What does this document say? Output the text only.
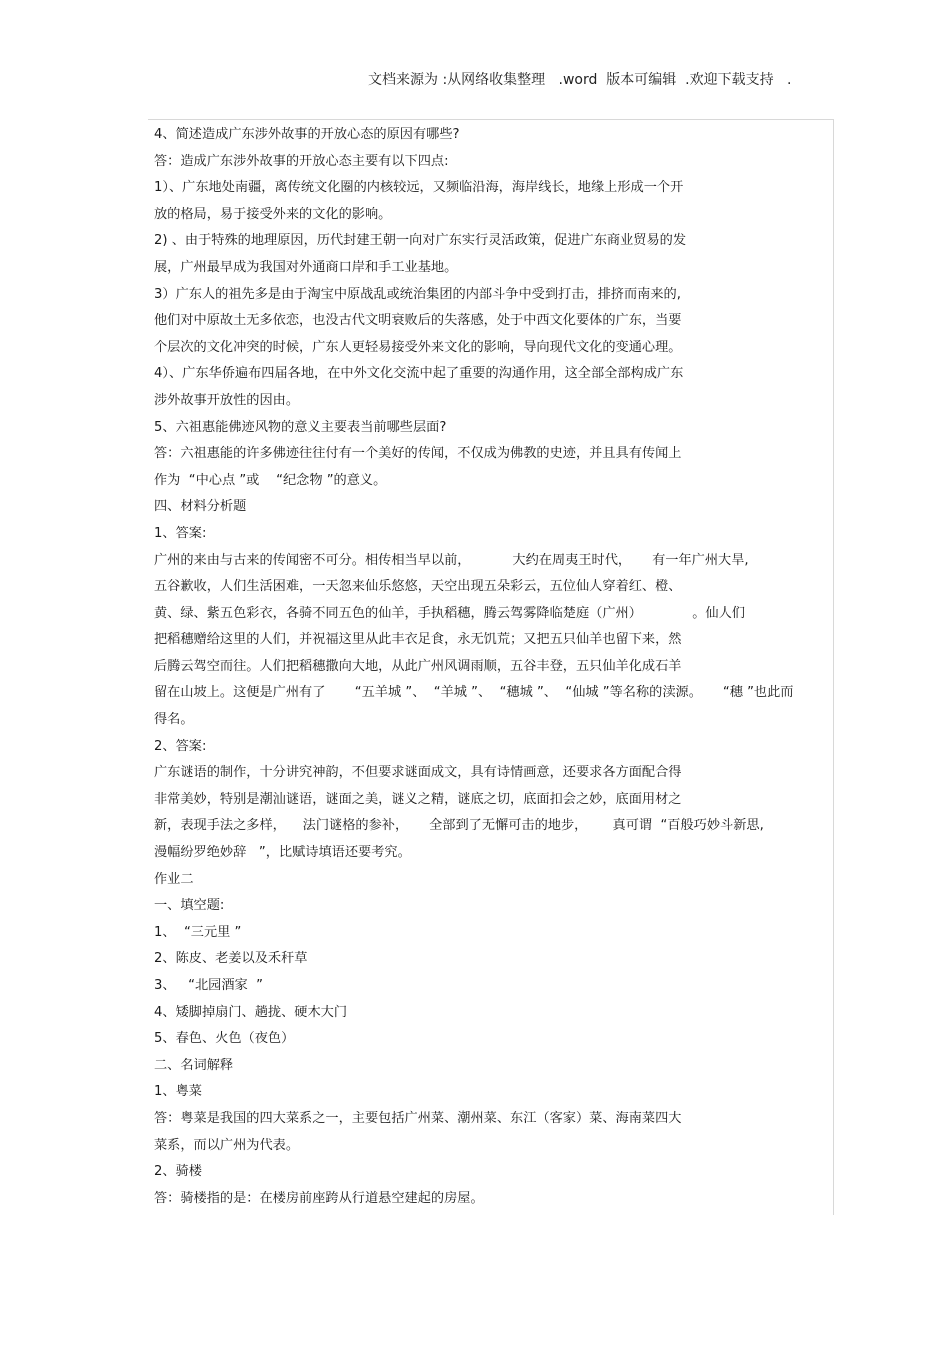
文档来源为 :从网络收集整理   .word  版本可编辑  .欢迎下载支持   .
4、简述造成广东涉外故事的开放心态的原因有哪些?
答：造成广东涉外故事的开放心态主要有以下四点:
1）、广东地处南疆，离传统文化圈的内核较远，又频临沿海，海岸线长，地缘上形成一个开
放的格局，易于接受外来的文化的影响。
2) 、由于特殊的地理原因，历代封建王朝一向对广东实行灵活政策，促进广东商业贸易的发
展，广州最早成为我国对外通商口岸和手工业基地。
3）广东人的祖先多是由于淘宝中原战乱或统治集团的内部斗争中受到打击，排挤而南来的,
他们对中原故土无多依恋，也没古代文明衰败后的失落感，处于中西文化要体的广东，当要
个层次的文化冲突的时候，广东人更轻易接受外来文化的影响，导向现代文化的变通心理。
4）、广东华侨遍布四届各地，在中外文化交流中起了重要的沟通作用，这全部全部构成广东
涉外故事开放性的因由。
5、六祖惠能佛迹风物的意义主要表当前哪些层面?
答：六祖惠能的许多佛迹往往付有一个美好的传闻，不仅成为佛教的史迹，并且具有传闻上
作为  “中心点 ”或    “纪念物 ”的意义。
四、材料分析题
1、答案:
广州的来由与古来的传闻密不可分。相传相当早以前，          大约在周夷王时代，     有一年广州大旱,
五谷歉收，人们生活困难，一天忽来仙乐悠悠，天空出现五朵彩云，五位仙人穿着红、橙、
黄、绿、紫五色彩衣，各骑不同五色的仙羊，手执稻穗，腾云驾雾降临楚庭（广州）            。仙人们
把稻穗赠给这里的人们，并祝福这里从此丰衣足食，永无饥荒；又把五只仙羊也留下来，然
后腾云驾空而往。人们把稻穗撒向大地，从此广州风调雨顺，五谷丰登，五只仙羊化成石羊
留在山坡上。这便是广州有了       “五羊城 ”、  “羊城 ”、  “穗城 ”、  “仙城 ”等名称的渎源。     “穗 ”也此而
得名。
2、答案:
广东谜语的制作，十分讲究神韵，不但要求谜面成文，具有诗情画意，还要求各方面配合得
非常美妙，特别是潮汕谜语，谜面之美，谜义之精，谜底之切，底面扣会之妙，底面用材之
新，表现手法之多样，    法门谜格的参补，     全部到了无懈可击的地步，      真可谓  “百般巧妙斗新思,
漫幅纷罗绝妙辞   ”，比赋诗填语还要考究。
作业二
一、填空题:
1、  “三元里 ”
2、陈皮、老姜以及禾秆草
3、   “北园酒家  ”
4、矮脚掉扇门、趟拢、硬木大门
5、春色、火色（夜色）
二、名词解释
1、粤菜
答：粤菜是我国的四大菜系之一，主要包括广州菜、潮州菜、东江（客家）菜、海南菜四大
菜系，而以广州为代表。
2、骑楼
答：骑楼指的是：在楼房前座跨从行道悬空建起的房屋。
